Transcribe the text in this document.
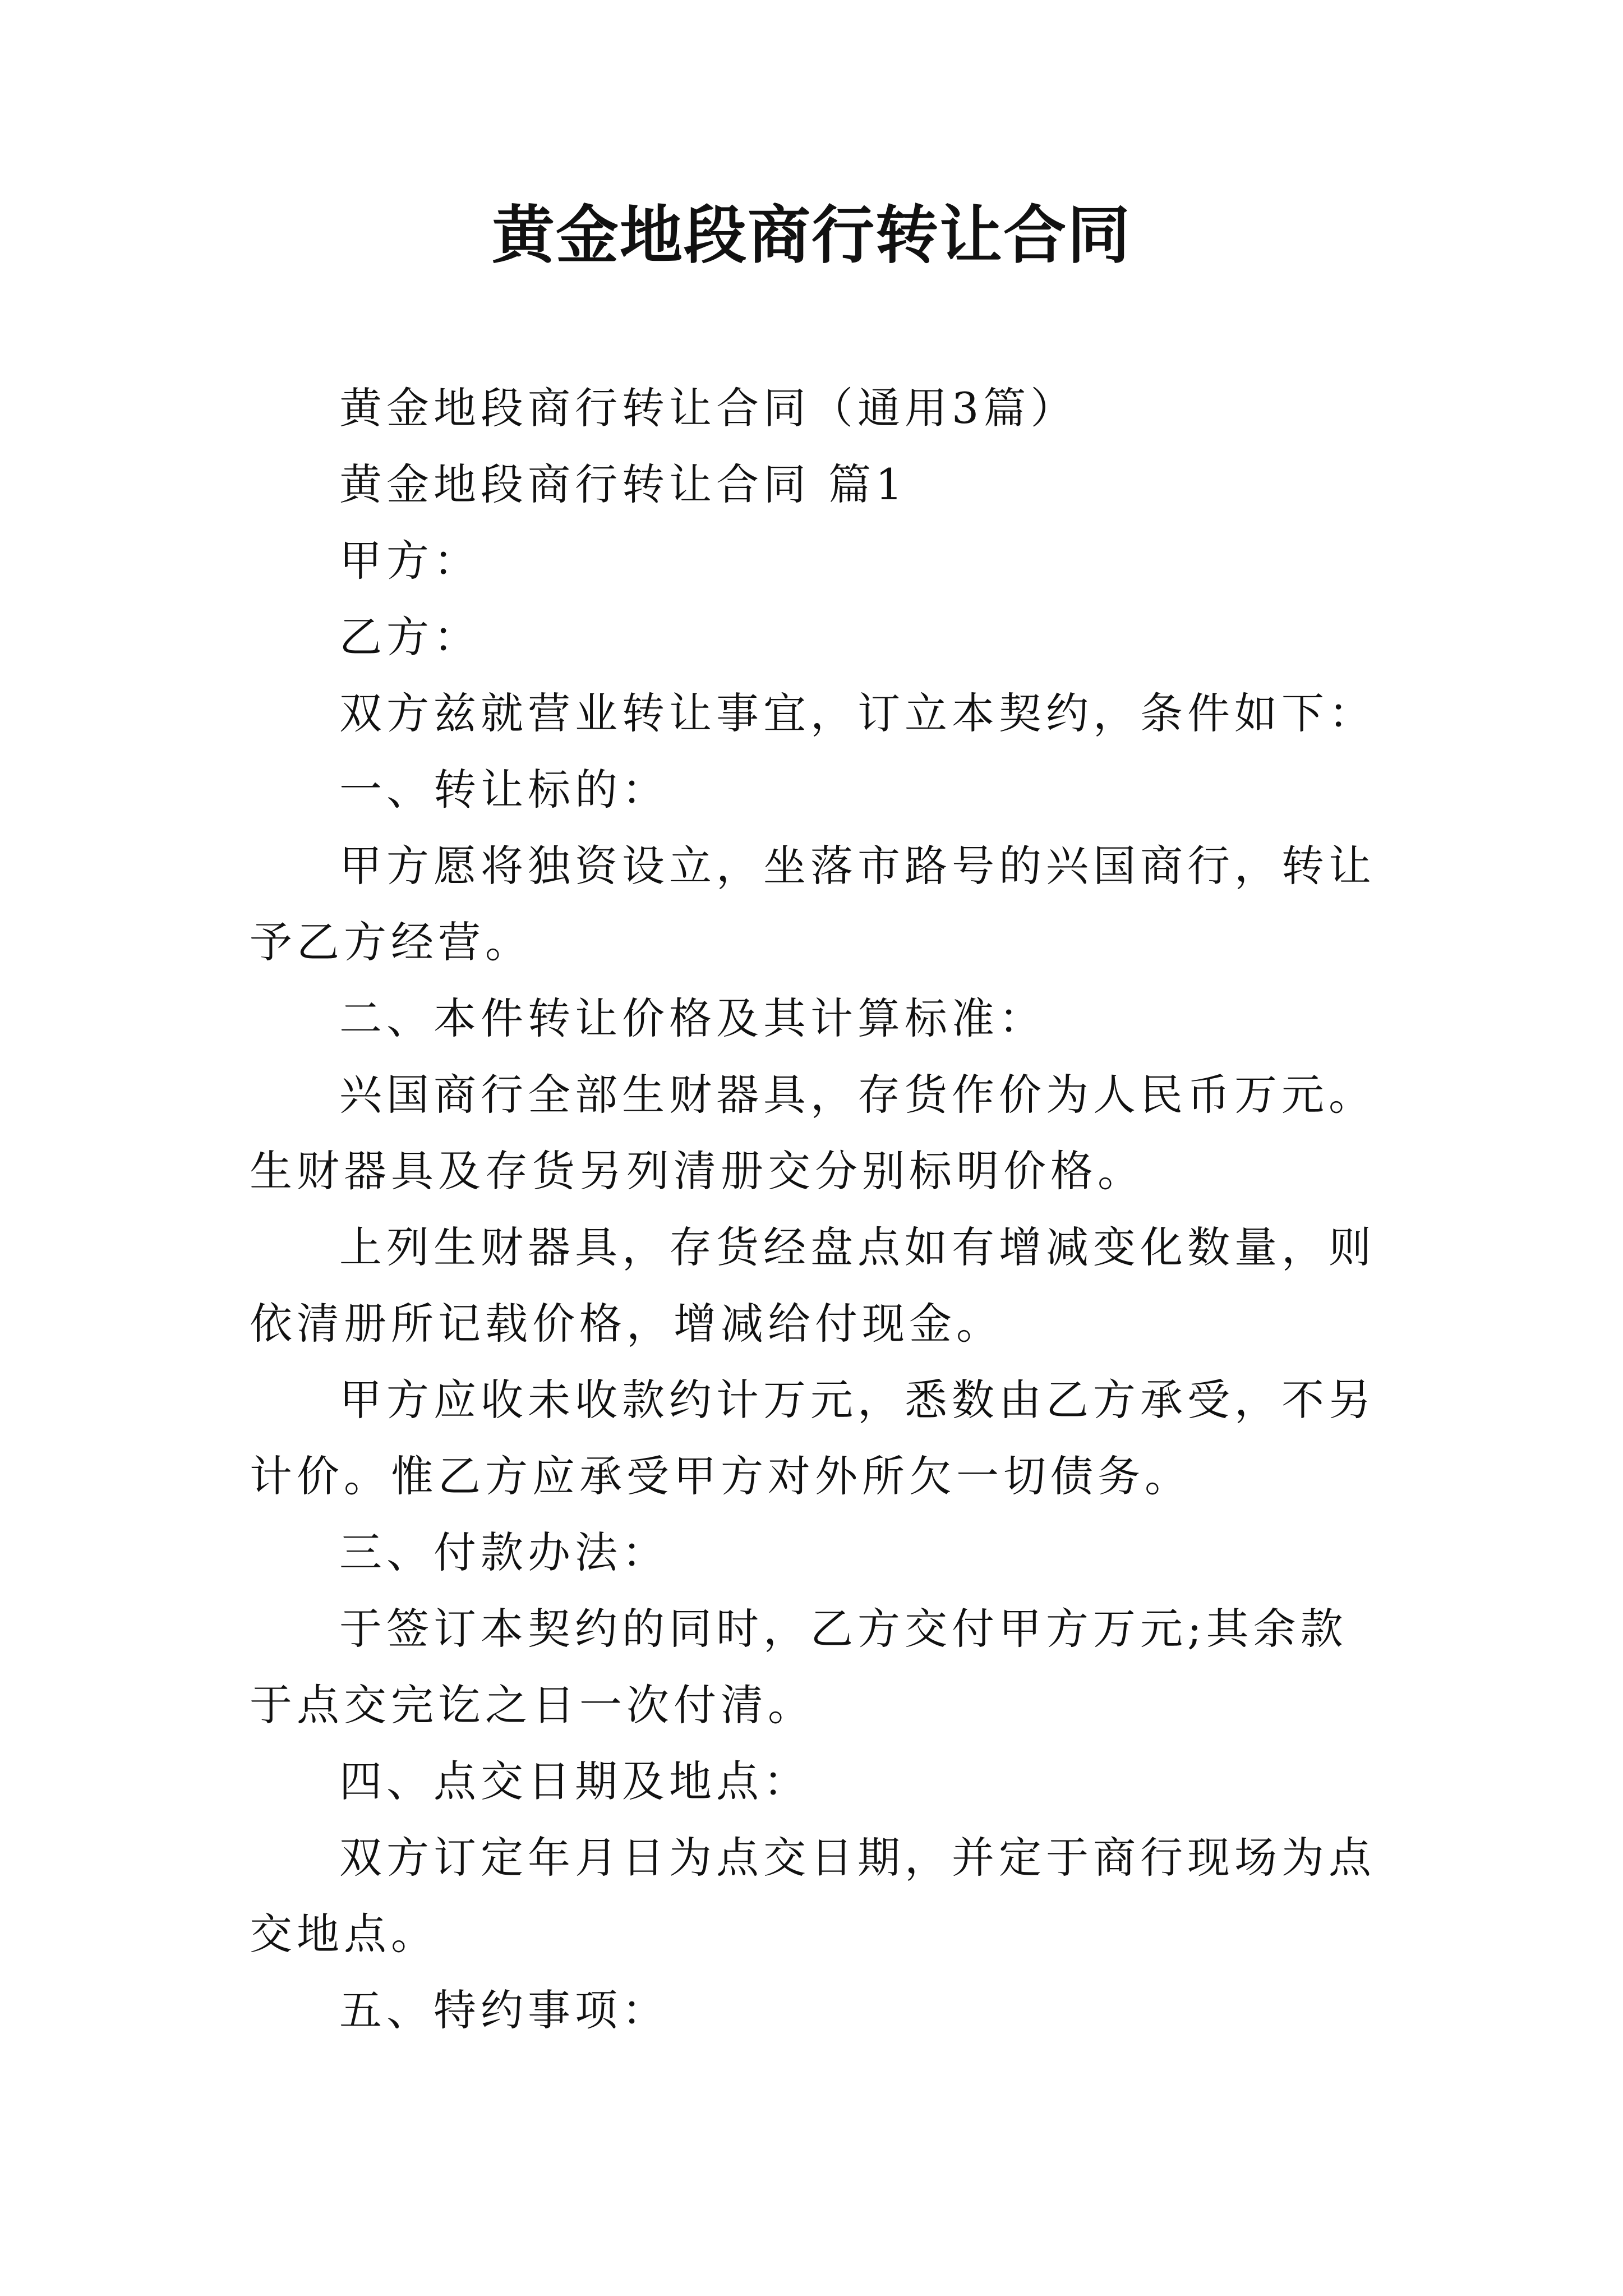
黄金地段商行转让合同

黄金地段商行转让合同（通用3篇）

黄金地段商行转让合同 篇1

甲方：

乙方：

双方兹就营业转让事宜，订立本契约，条件如下：

一、转让标的：

甲方愿将独资设立，坐落市路号的兴国商行，转让予乙方经营。

二、本件转让价格及其计算标准：

兴国商行全部生财器具，存货作价为人民币万元。生财器具及存货另列清册交分别标明价格。

上列生财器具，存货经盘点如有增减变化数量，则依清册所记载价格，增减给付现金。

甲方应收未收款约计万元，悉数由乙方承受，不另计价。惟乙方应承受甲方对外所欠一切债务。

三、付款办法：

于签订本契约的同时，乙方交付甲方万元;其余款于点交完讫之日一次付清。

四、点交日期及地点：

双方订定年月日为点交日期，并定于商行现场为点交地点。

五、特约事项：
